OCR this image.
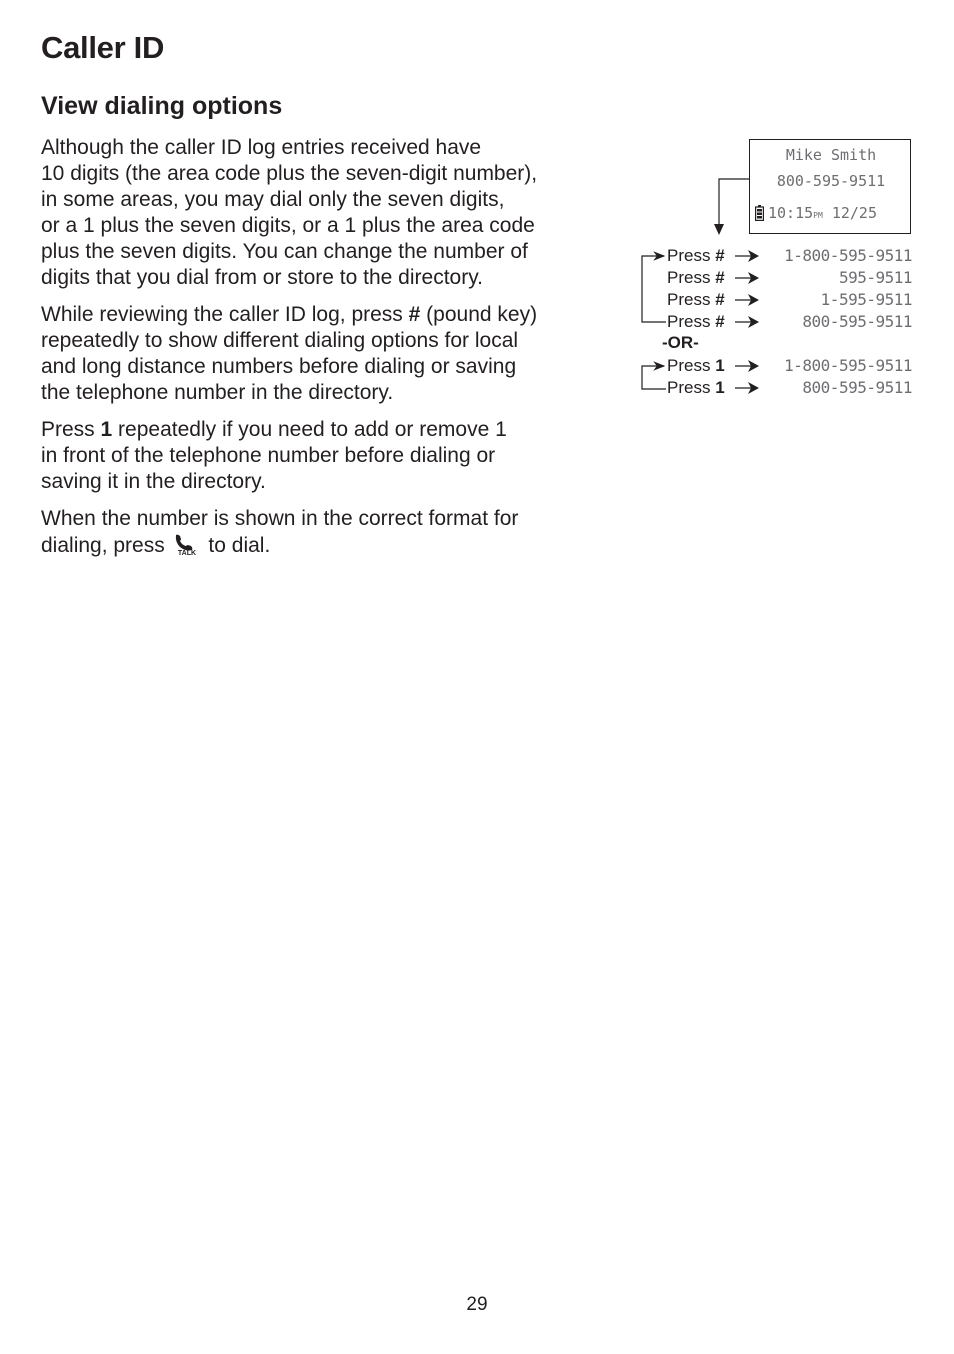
Caller ID
View dialing options

Although the caller ID log entries received have
10 digits (the area code plus the seven-digit number),
in some areas, you may dial only the seven digits,
or a 1 plus the seven digits, or a 1 plus the area code
plus the seven digits. You can change the number of
digits that you dial from or store to the directory.

While reviewing the caller ID log, press # (pound key)
repeatedly to show different dialing options for local
and long distance numbers before dialing or saving
the telephone number in the directory.

Press 1 repeatedly if you need to add or remove 1
in front of the telephone number before dialing or
saving it in the directory.

When the number is shown in the correct format for
dialing, press TALK to dial.

Mike Smith
800-595-9511
10:15PM 12/25
Press #	1-800-595-9511
Press #	595-9511
Press #	1-595-9511
Press #	800-595-9511
-OR-
Press 1	1-800-595-9511
Press 1	800-595-9511
29
